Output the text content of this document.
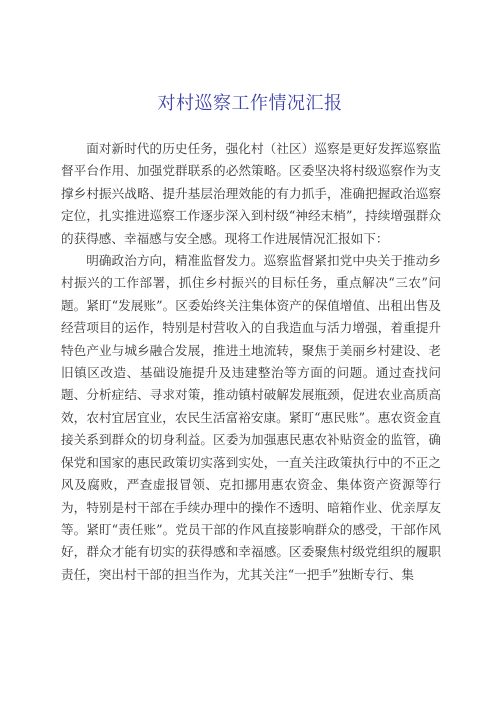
对村巡察工作情况汇报

面对新时代的历史任务，强化村（社区）巡察是更好发挥巡察监督平台作用、加强党群联系的必然策略。区委坚决将村级巡察作为支撑乡村振兴战略、提升基层治理效能的有力抓手，准确把握政治巡察定位，扎实推进巡察工作逐步深入到村级“神经末梢”，持续增强群众的获得感、幸福感与安全感。现将工作进展情况汇报如下：

明确政治方向，精准监督发力。巡察监督紧扣党中央关于推动乡村振兴的工作部署，抓住乡村振兴的目标任务，重点解决“三农”问题。紧盯“发展账”。区委始终关注集体资产的保值增值、出租出售及经营项目的运作，特别是村营收入的自我造血与活力增强，着重提升特色产业与城乡融合发展，推进土地流转，聚焦于美丽乡村建设、老旧镇区改造、基础设施提升及违建整治等方面的问题。通过查找问题、分析症结、寻求对策，推动镇村破解发展瓶颈，促进农业高质高效，农村宜居宜业，农民生活富裕安康。紧盯“惠民账”。惠农资金直接关系到群众的切身利益。区委为加强惠民惠农补贴资金的监管，确保党和国家的惠民政策切实落到实处，一直关注政策执行中的不正之风及腐败，严查虚报冒领、克扣挪用惠农资金、集体资产资源等行为，特别是村干部在手续办理中的操作不透明、暗箱作业、优亲厚友等。紧盯“责任账”。党员干部的作风直接影响群众的感受，干部作风好，群众才能有切实的获得感和幸福感。区委聚焦村级党组织的履职责任，突出村干部的担当作为，尤其关注“一把手”独断专行、集
